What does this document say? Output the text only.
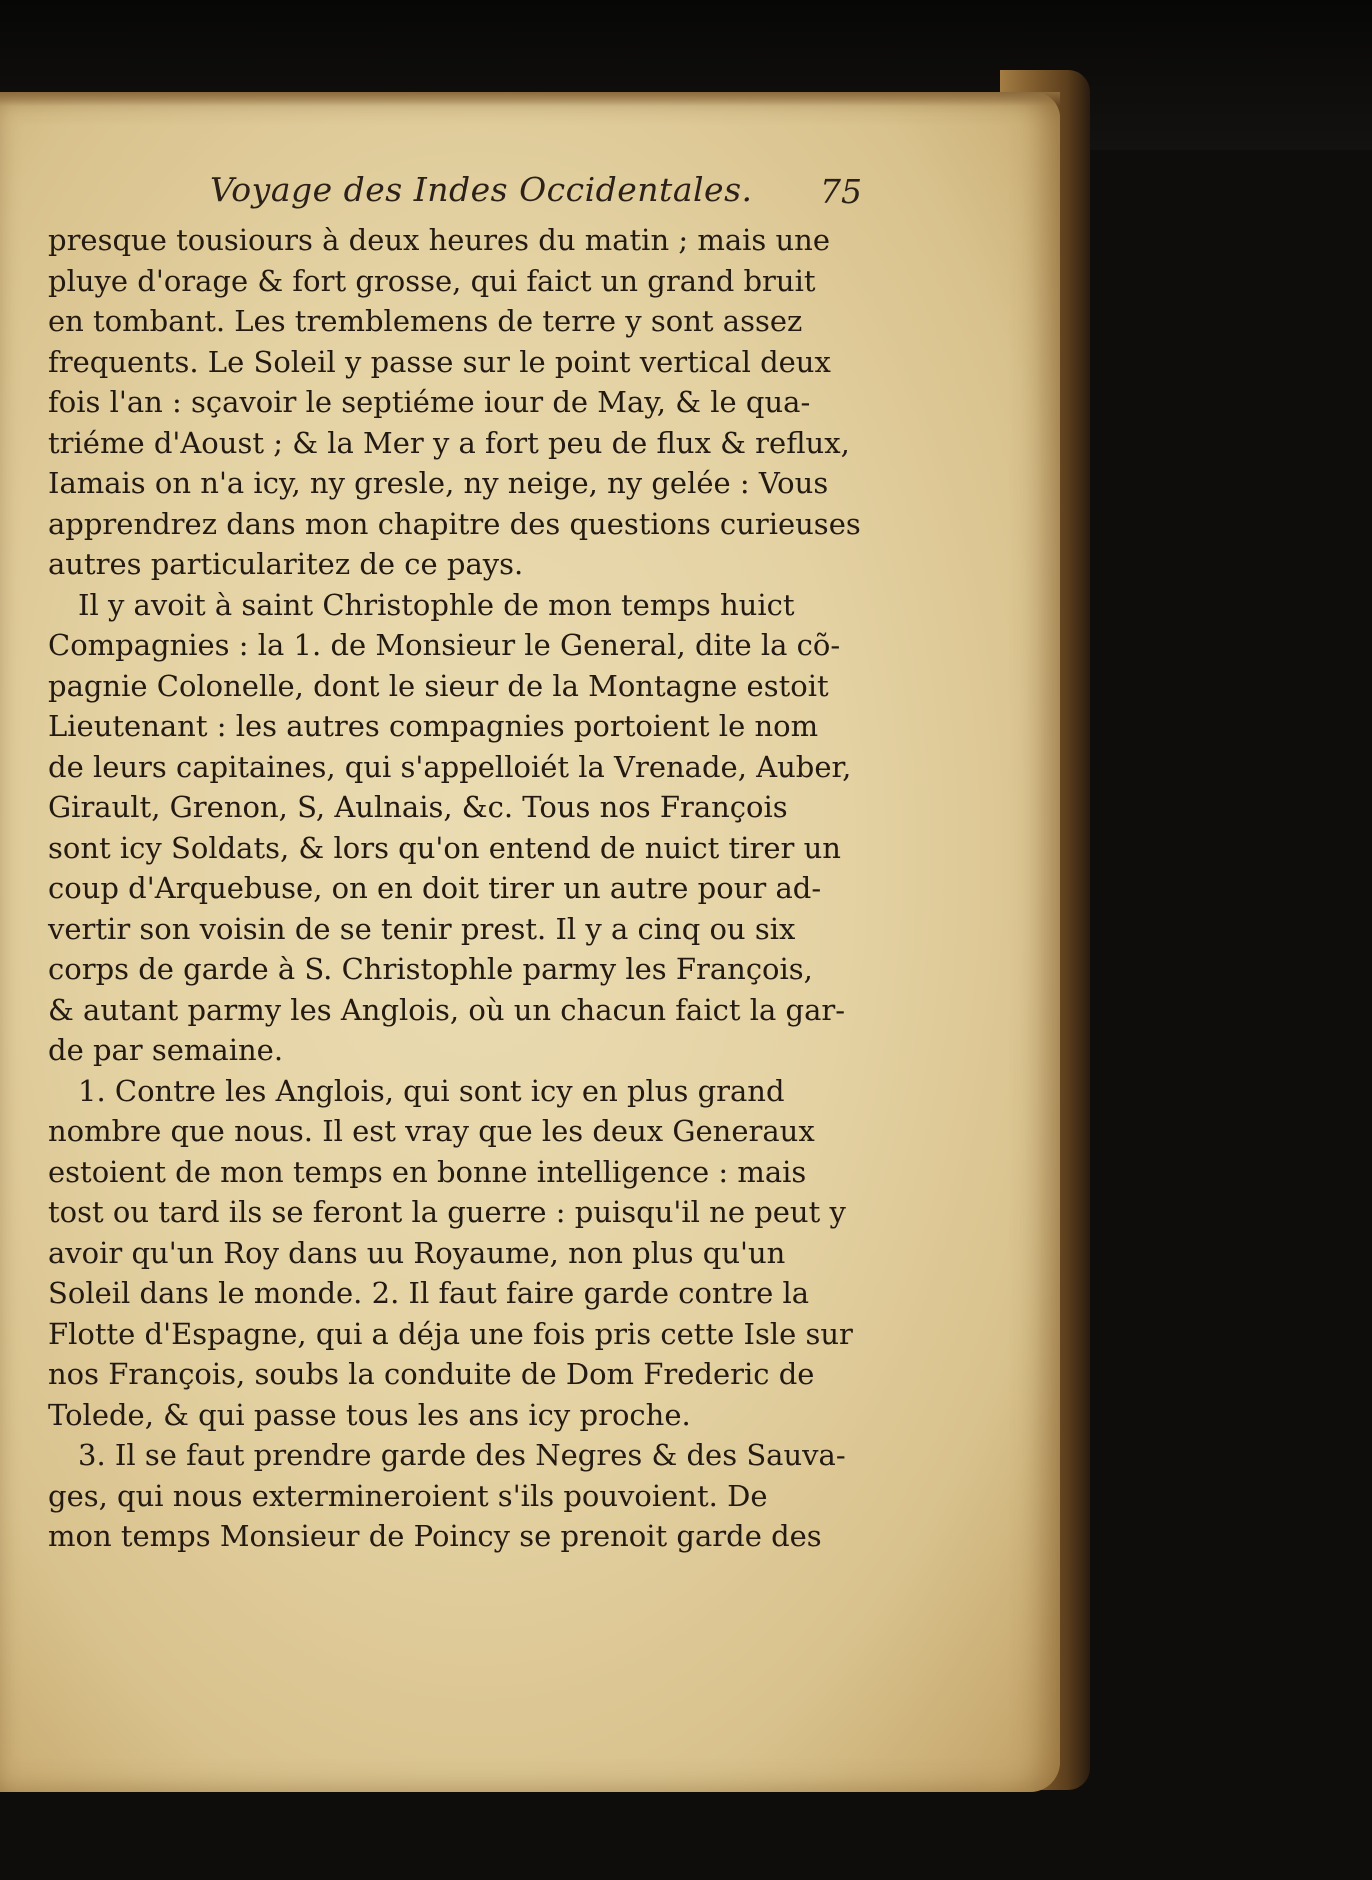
Voyage des Indes Occidentales. 75
presque tousiours à deux heures du matin ; mais une
pluye d'orage & fort grosse, qui faict un grand bruit
en tombant. Les tremblemens de terre y sont assez
frequents. Le Soleil y passe sur le point vertical deux
fois l'an : sçavoir le septiéme iour de May, & le qua-
triéme d'Aoust ; & la Mer y a fort peu de flux & reflux,
Iamais on n'a icy, ny gresle, ny neige, ny gelée : Vous
apprendrez dans mon chapitre des questions curieuses
autres particularitez de ce pays.
Il y avoit à saint Christophle de mon temps huict
Compagnies : la 1. de Monsieur le General, dite la cõ-
pagnie Colonelle, dont le sieur de la Montagne estoit
Lieutenant : les autres compagnies portoient le nom
de leurs capitaines, qui s'appelloiét la Vrenade, Auber,
Girault, Grenon, S, Aulnais, &c. Tous nos François
sont icy Soldats, & lors qu'on entend de nuict tirer un
coup d'Arquebuse, on en doit tirer un autre pour ad-
vertir son voisin de se tenir prest. Il y a cinq ou six
corps de garde à S. Christophle parmy les François,
& autant parmy les Anglois, où un chacun faict la gar-
de par semaine.
1. Contre les Anglois, qui sont icy en plus grand
nombre que nous. Il est vray que les deux Generaux
estoient de mon temps en bonne intelligence : mais
tost ou tard ils se feront la guerre : puisqu'il ne peut y
avoir qu'un Roy dans uu Royaume, non plus qu'un
Soleil dans le monde. 2. Il faut faire garde contre la
Flotte d'Espagne, qui a déja une fois pris cette Isle sur
nos François, soubs la conduite de Dom Frederic de
Tolede, & qui passe tous les ans icy proche.
3. Il se faut prendre garde des Negres & des Sauva-
ges, qui nous extermineroient s'ils pouvoient. De
mon temps Monsieur de Poincy se prenoit garde des
